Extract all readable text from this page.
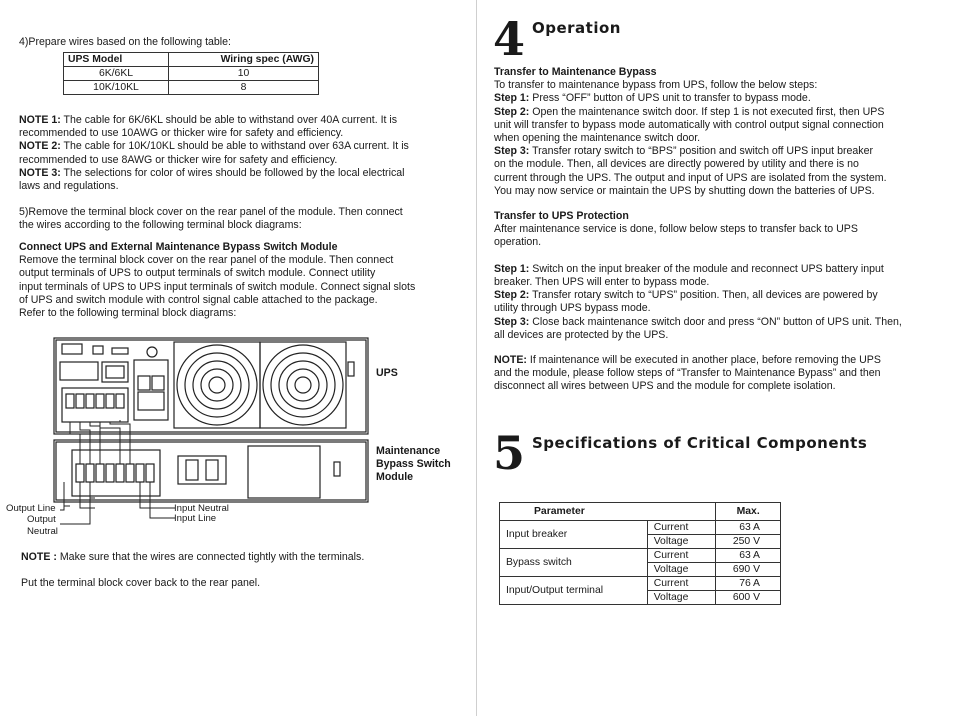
4)Prepare wires based on the following table:
UPS Model	Wiring spec (AWG)
6K/6KL	10
10K/10KL	8
NOTE 1: The cable for 6K/6KL should be able to withstand over 40A current. It is
recommended to use 10AWG or thicker wire for safety and efficiency.
NOTE 2: The cable for 10K/10KL should be able to withstand over 63A current. It is
recommended to use 8AWG or thicker wire for safety and efficiency.
NOTE 3: The selections for color of wires should be followed by the local electrical
laws and regulations.
5)Remove the terminal block cover on the rear panel of the module. Then connect
the wires according to the following terminal block diagrams:
Connect UPS and External Maintenance Bypass Switch Module
Remove the terminal block cover on the rear panel of the module. Then connect
output terminals of UPS to output terminals of switch module. Connect utility
input terminals of UPS to UPS input terminals of switch module. Connect signal slots
of UPS and switch module with control signal cable attached to the package.
Refer to the following terminal block diagrams:
UPS
Maintenance
Bypass Switch
Module
Output Line
Output
Neutral
Input Neutral
Input Line
NOTE : Make sure that the wires are connected tightly with the terminals.
Put the terminal block cover back to the rear panel.
4 Operation
Transfer to Maintenance Bypass
To transfer to maintenance bypass from UPS, follow the below steps:
Step 1: Press “OFF” button of UPS unit to transfer to bypass mode.
Step 2: Open the maintenance switch door. If step 1 is not executed first, then UPS
unit will transfer to bypass mode automatically with control output signal connection
when opening the maintenance switch door.
Step 3: Transfer rotary switch to “BPS” position and switch off UPS input breaker
on the module. Then, all devices are directly powered by utility and there is no
current through the UPS. The output and input of UPS are isolated from the system.
You may now service or maintain the UPS by shutting down the batteries of UPS.
Transfer to UPS Protection
After maintenance service is done, follow below steps to transfer back to UPS
operation.
Step 1: Switch on the input breaker of the module and reconnect UPS battery input
breaker. Then UPS will enter to bypass mode.
Step 2: Transfer rotary switch to “UPS” position. Then, all devices are powered by
utility through UPS bypass mode.
Step 3: Close back maintenance switch door and press “ON” button of UPS unit. Then,
all devices are protected by the UPS.
NOTE: If maintenance will be executed in another place, before removing the UPS
and the module, please follow steps of “Transfer to Maintenance Bypass” and then
disconnect all wires between UPS and the module for complete isolation.
5 Specifications of Critical Components
Parameter		Max.
Input breaker	Current	63 A
	Voltage	250 V
Bypass switch	Current	63 A
	Voltage	690 V
Input/Output terminal	Current	76 A
	Voltage	600 V
